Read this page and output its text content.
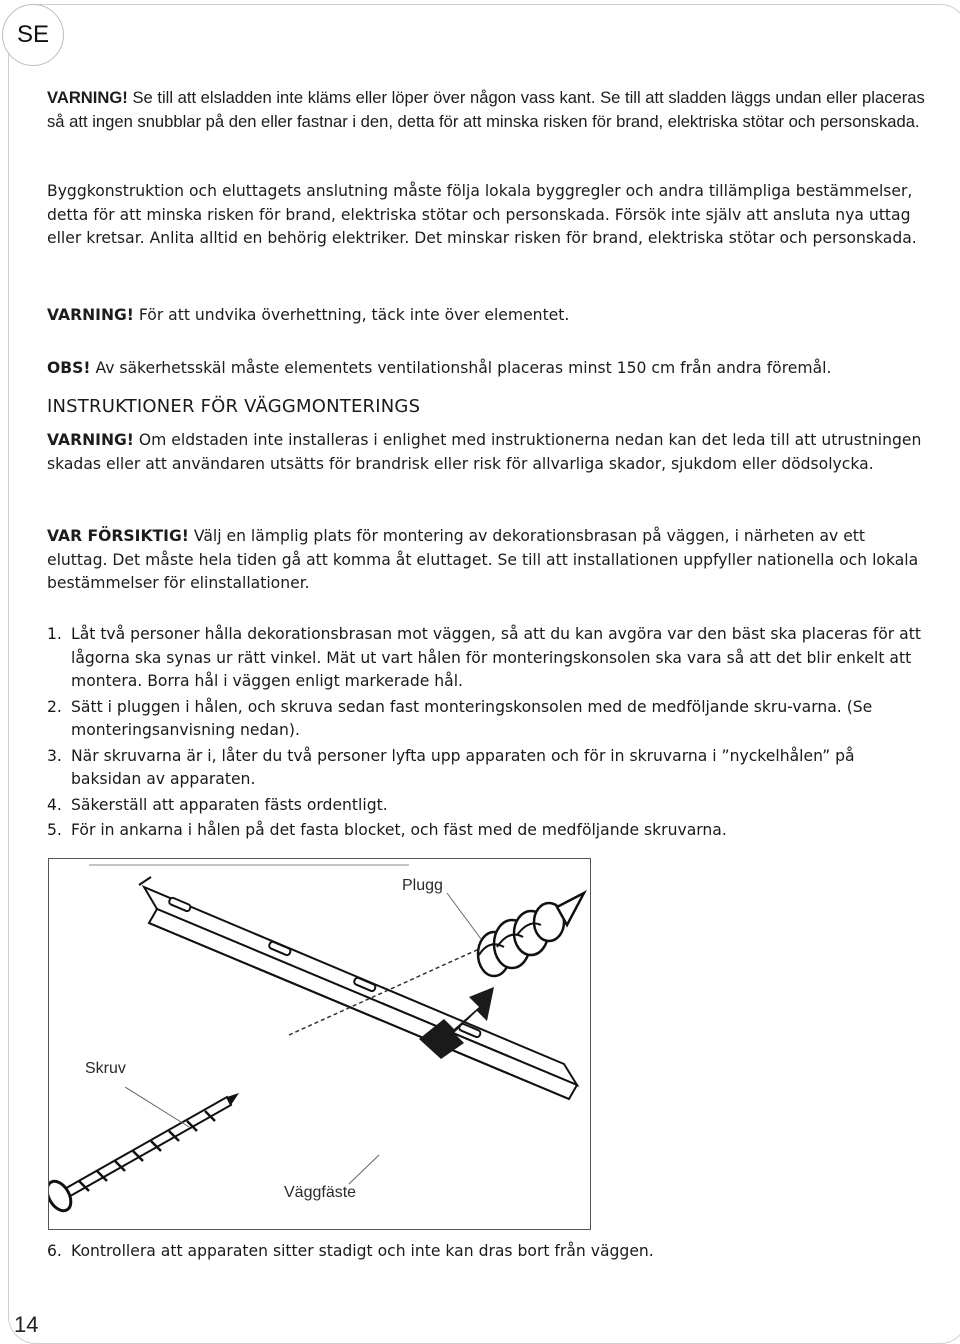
SE

VARNING! Se till att elsladden inte kläms eller löper över någon vass kant. Se till att sladden läggs undan eller placeras så att ingen snubblar på den eller fastnar i den, detta för att minska risken för brand, elektriska stötar och personskada.

Byggkonstruktion och eluttagets anslutning måste följa lokala byggregler och andra tillämpliga bestämmelser, detta för att minska risken för brand, elektriska stötar och personskada. Försök inte själv att ansluta nya uttag eller kretsar. Anlita alltid en behörig elektriker. Det minskar risken för brand, elektriska stötar och personskada.

VARNING! För att undvika överhettning, täck inte över elementet.

OBS! Av säkerhetsskäl måste elementets ventilationshål placeras minst 150 cm från andra föremål.

INSTRUKTIONER FÖR VÄGGMONTERINGS

VARNING! Om eldstaden inte installeras i enlighet med instruktionerna nedan kan det leda till att utrustningen skadas eller att användaren utsätts för brandrisk eller risk för allvarliga skador, sjukdom eller dödsolycka.

VAR FÖRSIKTIG! Välj en lämplig plats för montering av dekorationsbrasan på väggen, i närheten av ett eluttag. Det måste hela tiden gå att komma åt eluttaget. Se till att installationen uppfyller nationella och lokala bestämmelser för elinstallationer.

1. Låt två personer hålla dekorationsbrasan mot väggen, så att du kan avgöra var den bäst ska placeras för att lågorna ska synas ur rätt vinkel. Mät ut vart hålen för monteringskonsolen ska vara så att det blir enkelt att montera. Borra hål i väggen enligt markerade hål.
2. Sätt i pluggen i hålen, och skruva sedan fast monteringskonsolen med de medföljande skru-varna. (Se monteringsanvisning nedan).
3. När skruvarna är i, låter du två personer lyfta upp apparaten och för in skruvarna i ”nyckelhålen” på baksidan av apparaten.
4. Säkerställ att apparaten fästs ordentligt.
5. För in ankarna i hålen på det fasta blocket, och fäst med de medföljande skruvarna.
Plugg
Skruv
Väggfäste
6. Kontrollera att apparaten sitter stadigt och inte kan dras bort från väggen.
14
